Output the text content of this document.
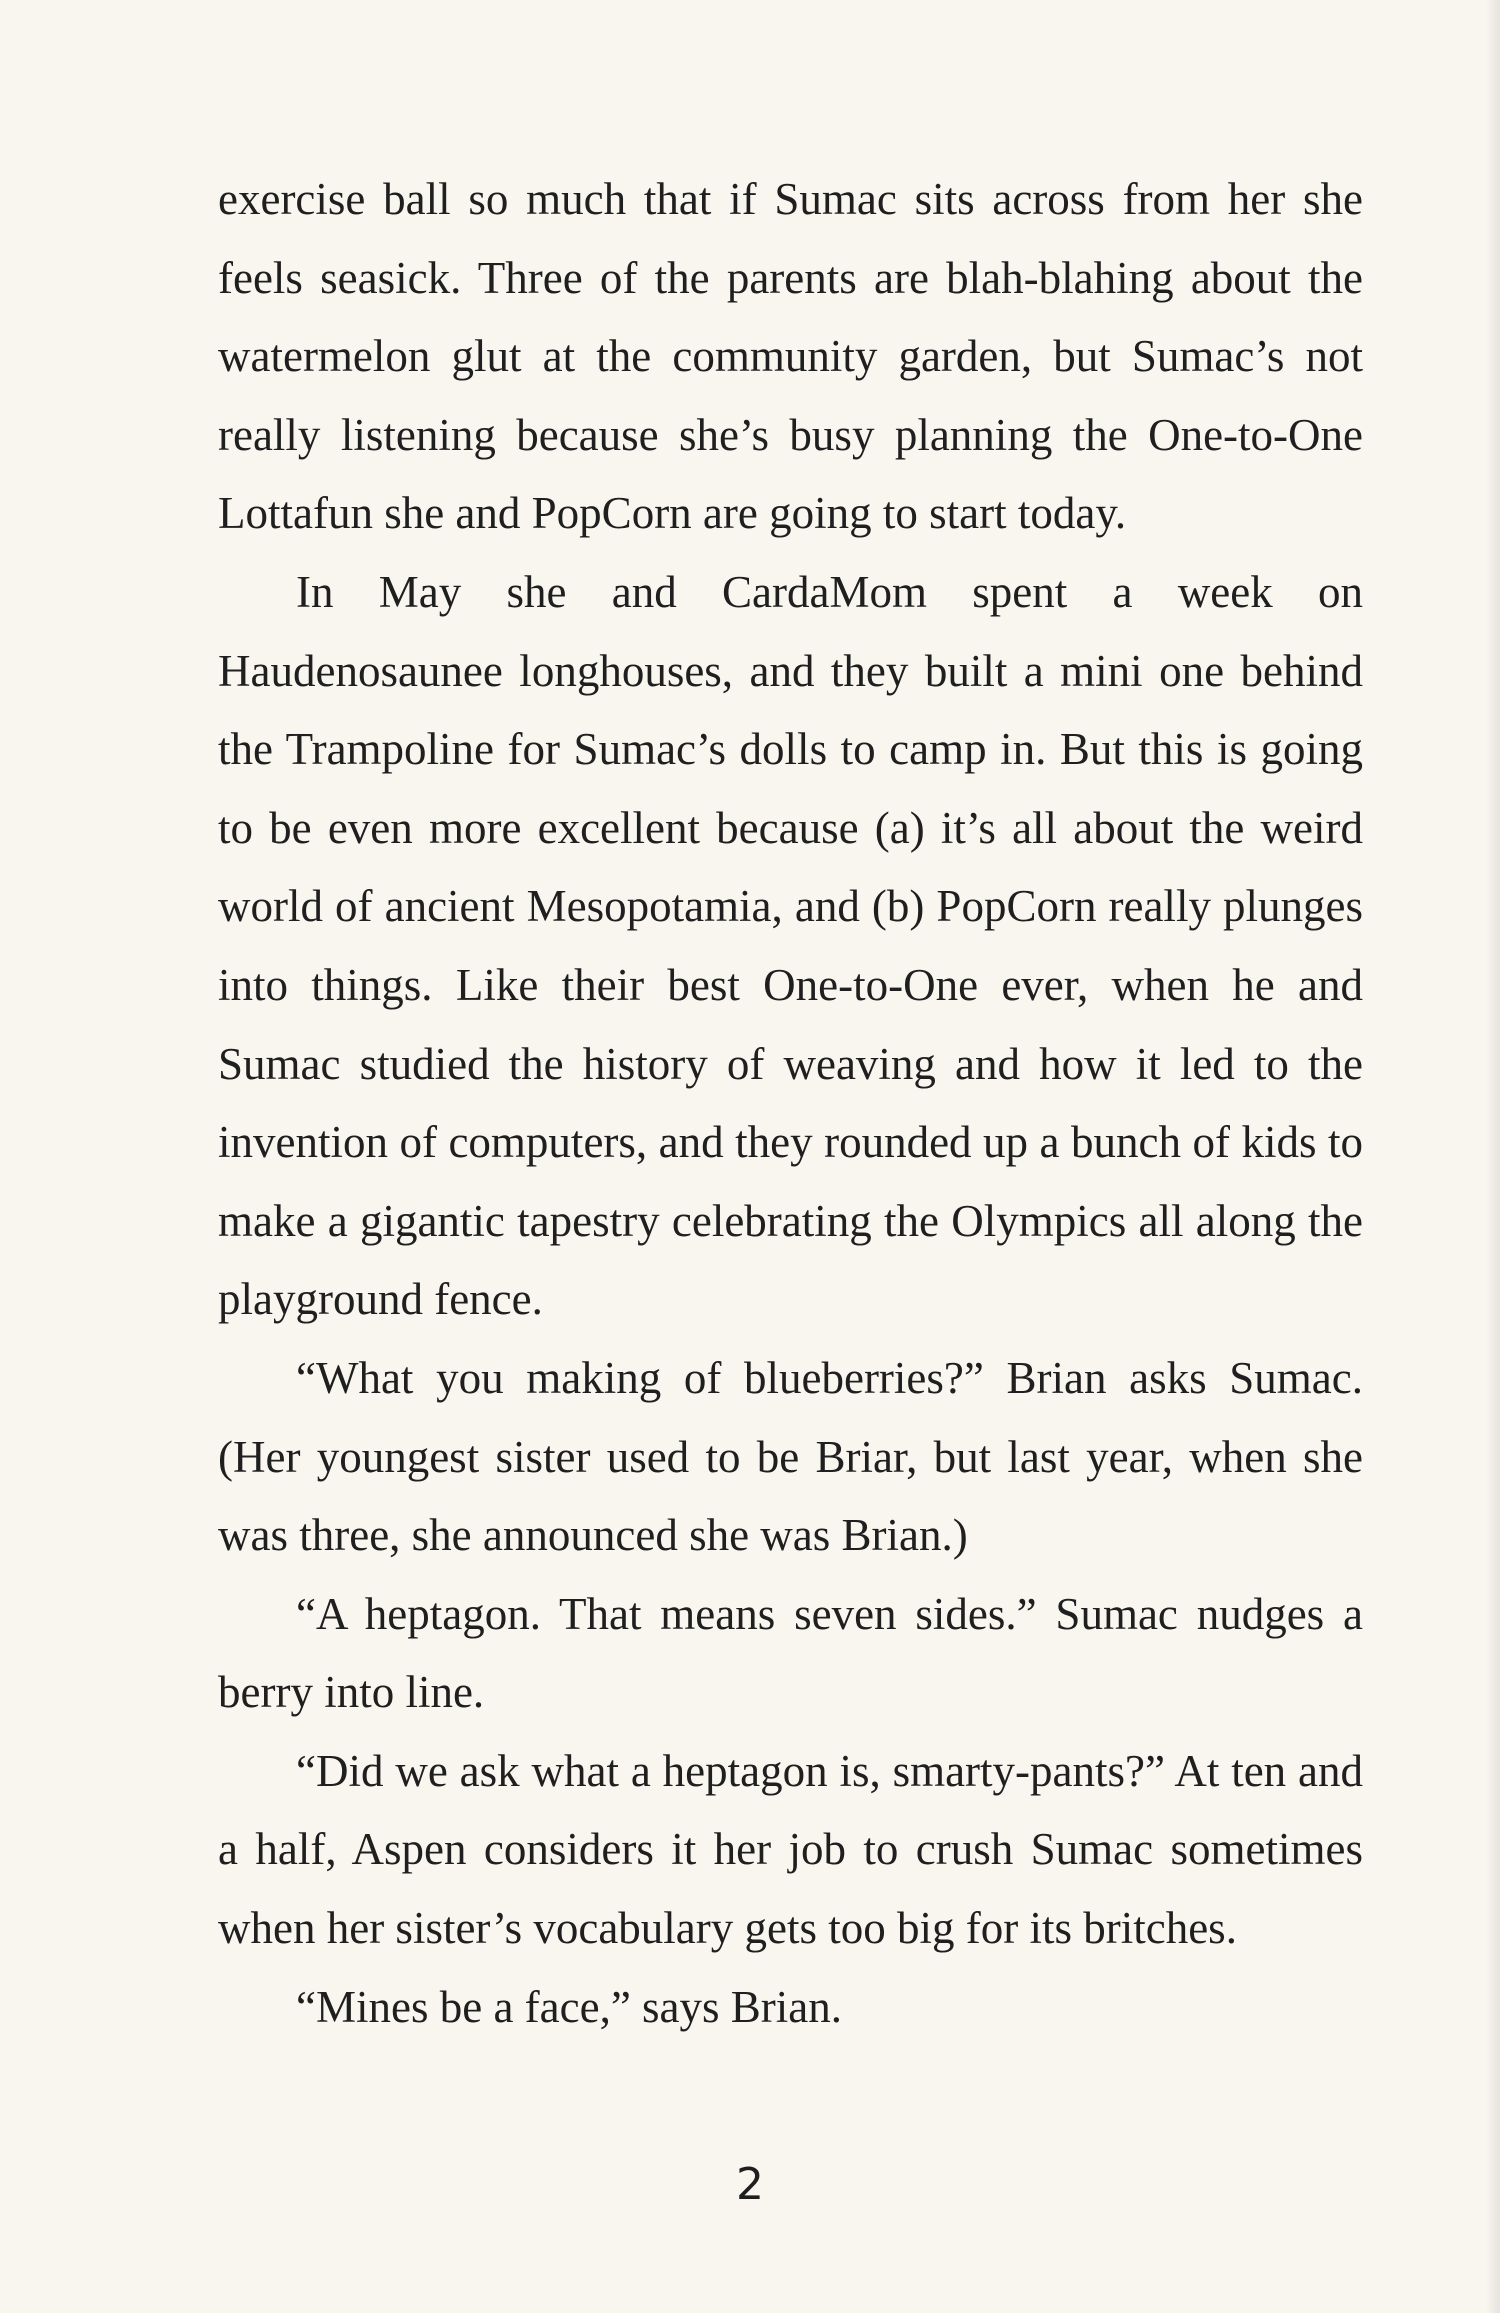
exercise ball so much that if Sumac sits across from her she feels seasick. Three of the parents are blah-blahing about the watermelon glut at the community garden, but Sumac’s not really listening because she’s busy planning the One-to-One Lottafun she and PopCorn are going to start today.

In May she and CardaMom spent a week on Haudenosaunee longhouses, and they built a mini one behind the Trampoline for Sumac’s dolls to camp in. But this is going to be even more excellent because (a) it’s all about the weird world of ancient Mesopotamia, and (b) PopCorn really plunges into things. Like their best One-to-One ever, when he and Sumac studied the history of weaving and how it led to the invention of computers, and they rounded up a bunch of kids to make a gigantic tapestry celebrating the Olympics all along the playground fence.

“What you making of blueberries?” Brian asks Sumac. (Her youngest sister used to be Briar, but last year, when she was three, she announced she was Brian.)

“A heptagon. That means seven sides.” Sumac nudges a berry into line.

“Did we ask what a heptagon is, smarty-pants?” At ten and a half, Aspen considers it her job to crush Sumac sometimes when her sister’s vocabulary gets too big for its britches.

“Mines be a face,” says Brian.

2
